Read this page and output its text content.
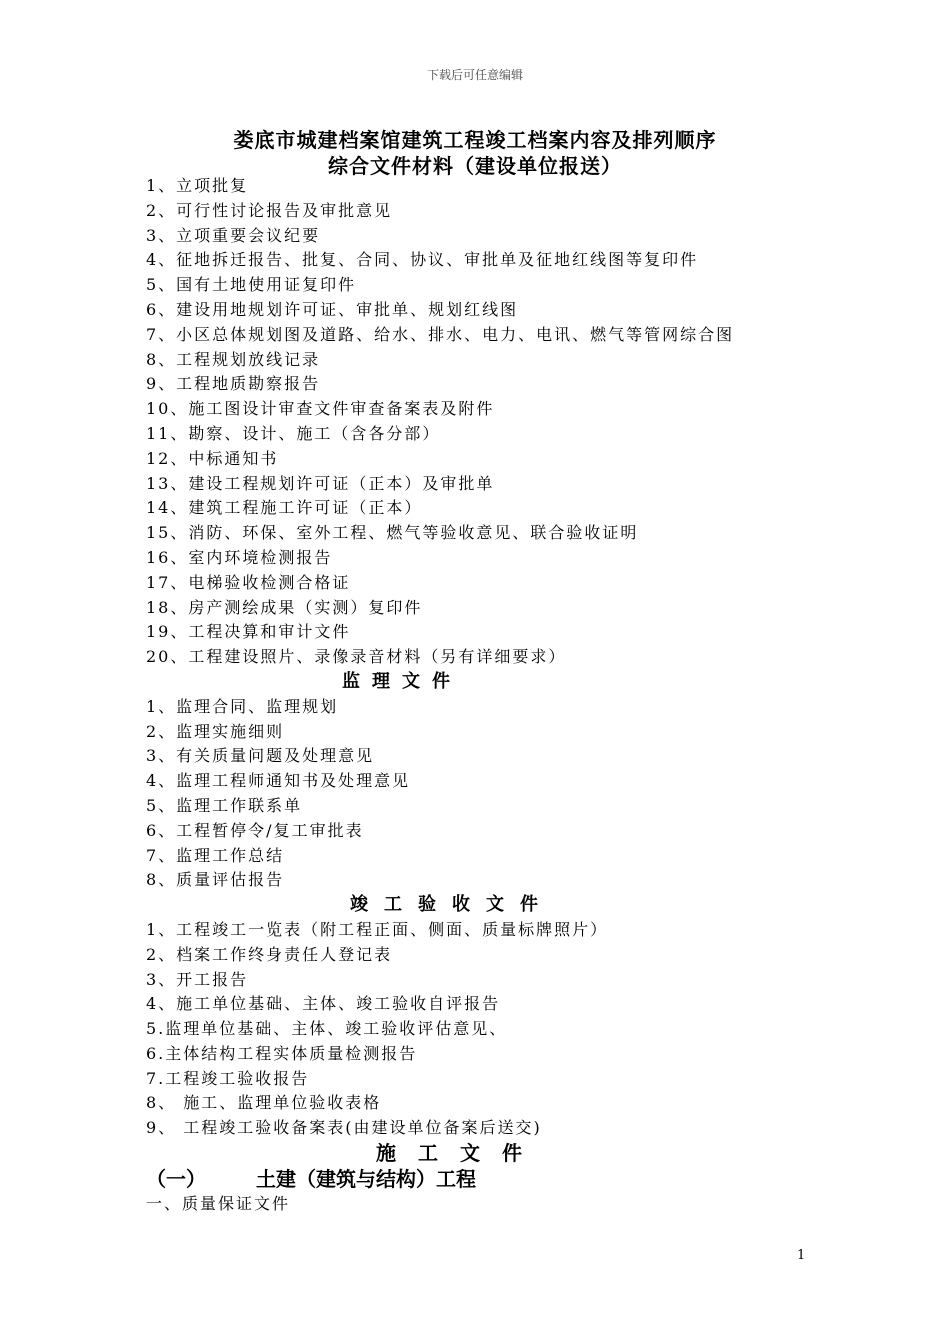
下载后可任意编辑
娄底市城建档案馆建筑工程竣工档案内容及排列顺序
综合文件材料（建设单位报送）
1、立项批复
2、可行性讨论报告及审批意见
3、立项重要会议纪要
4、征地拆迁报告、批复、合同、协议、审批单及征地红线图等复印件
5、国有土地使用证复印件
6、建设用地规划许可证、审批单、规划红线图
7、小区总体规划图及道路、给水、排水、电力、电讯、燃气等管网综合图
8、工程规划放线记录
9、工程地质勘察报告
10、施工图设计审查文件审查备案表及附件
11、勘察、设计、施工（含各分部）
12、中标通知书
13、建设工程规划许可证（正本）及审批单
14、建筑工程施工许可证（正本）
15、消防、环保、室外工程、燃气等验收意见、联合验收证明
16、室内环境检测报告
17、电梯验收检测合格证
18、房产测绘成果（实测）复印件
19、工程决算和审计文件
20、工程建设照片、录像录音材料（另有详细要求）
监理文件
1、监理合同、监理规划
2、监理实施细则
3、有关质量问题及处理意见
4、监理工程师通知书及处理意见
5、监理工作联系单
6、工程暂停令/复工审批表
7、监理工作总结
8、质量评估报告
竣工验收文件
1、工程竣工一览表（附工程正面、侧面、质量标牌照片）
2、档案工作终身责任人登记表
3、开工报告
4、施工单位基础、主体、竣工验收自评报告
5.监理单位基础、主体、竣工验收评估意见、
6.主体结构工程实体质量检测报告
7.工程竣工验收报告
8、 施工、监理单位验收表格
9、 工程竣工验收备案表(由建设单位备案后送交)
施工文件
（一）	土建（建筑与结构）工程
一、质量保证文件
1
